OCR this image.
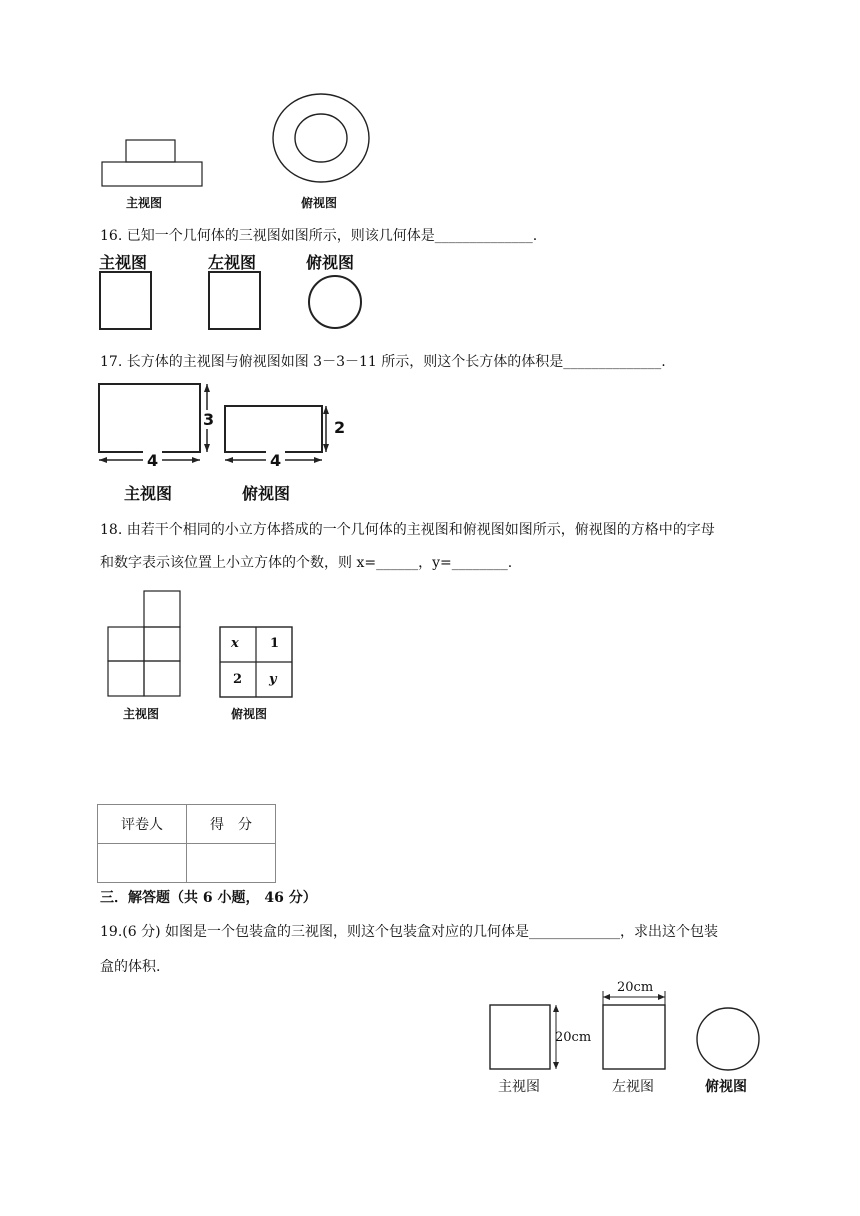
主视图	俯视图
16. 已知一个几何体的三视图如图所示，则该几何体是______________.
主视图	左视图	俯视图
17. 长方体的主视图与俯视图如图 3－3－11 所示，则这个长方体的体积是______________.
3
4
2
4
主视图	俯视图
18. 由若干个相同的小立方体搭成的一个几何体的主视图和俯视图如图所示，俯视图的方格中的字母
和数字表示该位置上小立方体的个数，则 x=______，y=________.
x 1
2 y
主视图	俯视图
评卷人	得　分

三．解答题（共 6 小题， 46 分）
19.(6 分) 如图是一个包装盒的三视图，则这个包装盒对应的几何体是_____________，求出这个包装
盒的体积.
20cm
20cm
主视图	左视图	俯视图
